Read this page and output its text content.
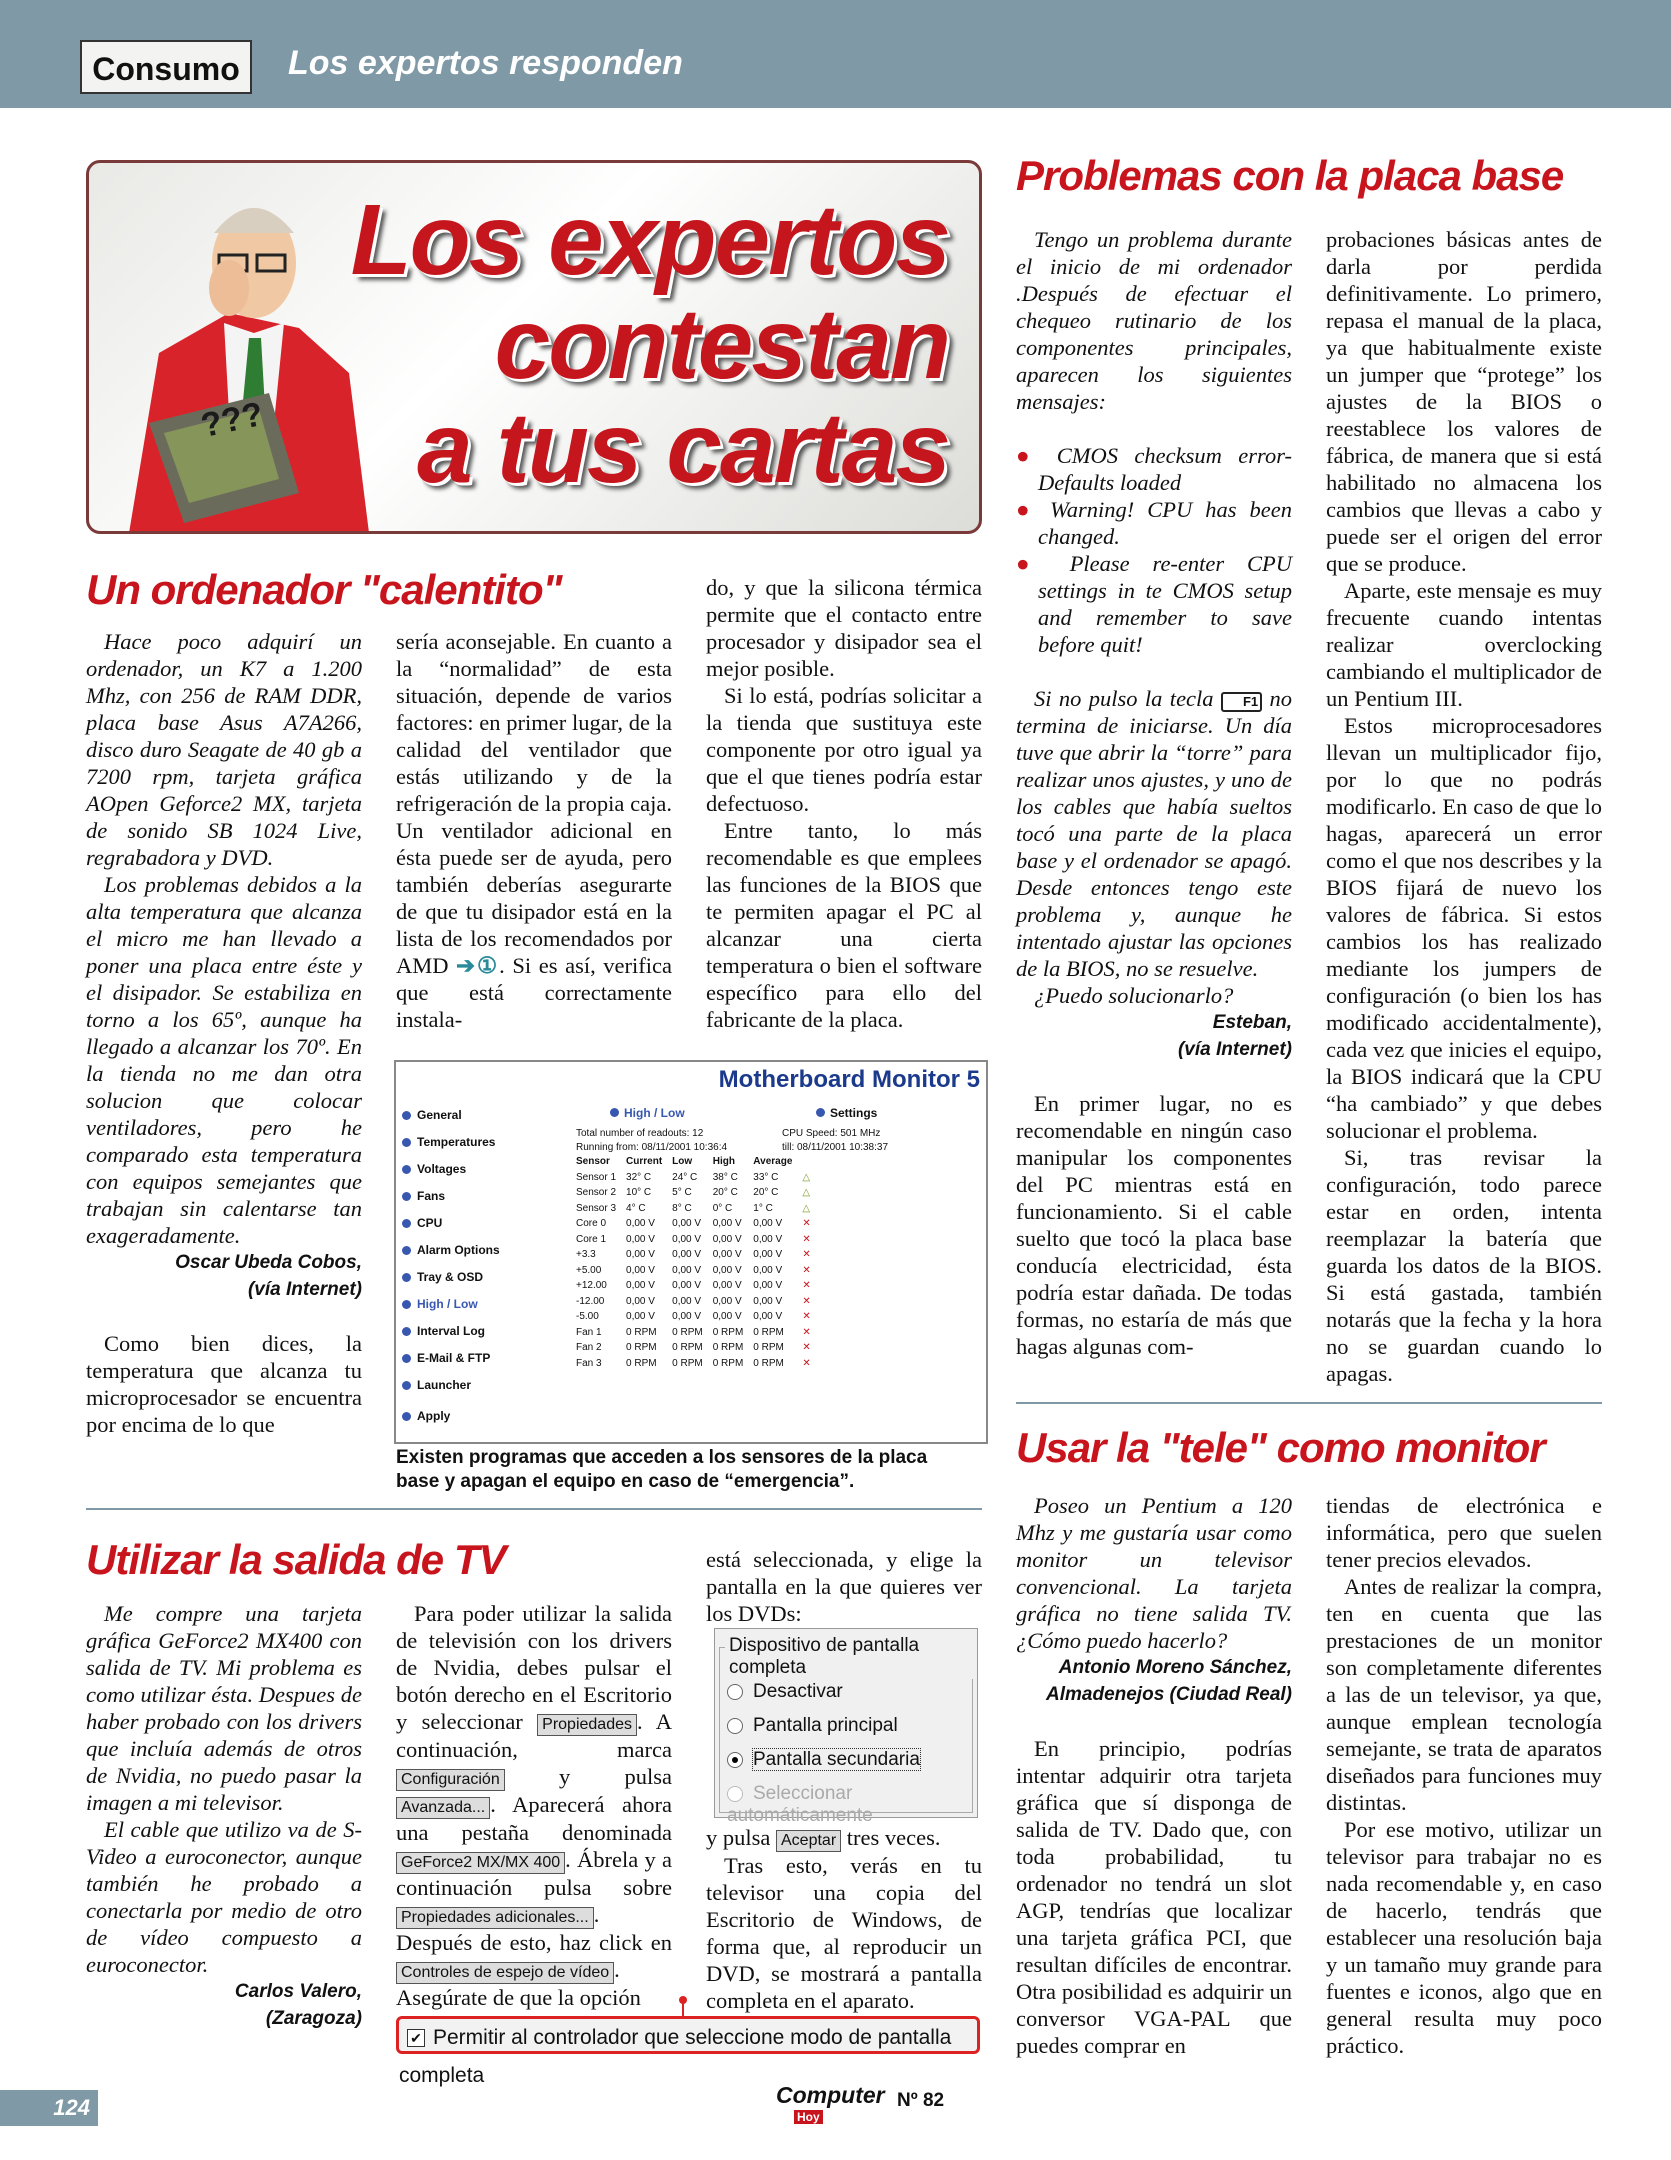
Consumo	Los expertos responden
Los expertos
contestan
a tus cartas
???
Un ordenador "calentito"

Hace poco adquirí un ordenador, un K7 a 1.200 Mhz, con 256 de RAM DDR, placa base Asus A7A266, disco duro Seagate de 40 gb a 7200 rpm, tarjeta gráfica AOpen Geforce2 MX, tarjeta de sonido SB 1024 Live, regrabadora y DVD.

Los problemas debidos a la alta temperatura que alcanza el micro me han llevado a poner una placa entre éste y el disipador. Se estabiliza en torno a los 65º, aunque ha llegado a alcanzar los 70º. En la tienda no me dan otra solucion que colocar ventiladores, pero he comparado esta temperatura con equipos semejantes que trabajan sin calentarse tan exageradamente.

Oscar Ubeda Cobos,
(vía Internet)

Como bien dices, la temperatura que alcanza tu microprocesador se encuentra por encima de lo que

sería aconsejable. En cuanto a la “normalidad” de esta situación, depende de varios factores: en primer lugar, de la calidad del ventilador que estás utilizando y de la refrigeración de la propia caja. Un ventilador adicional en ésta puede ser de ayuda, pero también deberías asegurarte de que tu disipador está en la lista de los recomendados por AMD ➔①. Si es así, verifica que está correctamente instala-

do, y que la silicona térmica permite que el contacto entre procesador y disipador sea el mejor posible.

Si lo está, podrías solicitar a la tienda que sustituya este componente por otro igual ya que el que tienes podría estar defectuoso.

Entre tanto, lo más recomendable es que emplees las funciones de la BIOS que te permiten apagar el PC al alcanzar una cierta temperatura o bien el software específico para ello del fabricante de la placa.

Motherboard Monitor 5
General
Temperatures
Voltages
Fans
CPU
Alarm Options
Tray & OSD
High / Low
Interval Log
E-Mail & FTP
Launcher
Apply
High / Low	Settings
Total number of readouts: 12	CPU Speed: 501 MHz
Running from: 08/11/2001 10:36:4	till: 08/11/2001 10:38:37
Sensor	Current	Low	High	Average	
Sensor 1	32° C	24° C	38° C	33° C	△
Sensor 2	10° C	5° C	20° C	20° C	△
Sensor 3	4° C	8° C	0° C	1° C	△
Core 0	0,00 V	0,00 V	0,00 V	0,00 V	✕
Core 1	0,00 V	0,00 V	0,00 V	0,00 V	✕
+3.3	0,00 V	0,00 V	0,00 V	0,00 V	✕
+5.00	0,00 V	0,00 V	0,00 V	0,00 V	✕
+12.00	0,00 V	0,00 V	0,00 V	0,00 V	✕
-12.00	0,00 V	0,00 V	0,00 V	0,00 V	✕
-5.00	0,00 V	0,00 V	0,00 V	0,00 V	✕
Fan 1	0 RPM	0 RPM	0 RPM	0 RPM	✕
Fan 2	0 RPM	0 RPM	0 RPM	0 RPM	✕
Fan 3	0 RPM	0 RPM	0 RPM	0 RPM	✕
Existen programas que acceden a los sensores de la placa base y apagan el equipo en caso de “emergencia”.
Utilizar la salida de TV

Me compre una tarjeta gráfica GeForce2 MX400 con salida de TV. Mi problema es como utilizar ésta. Despues de haber probado con los drivers que incluía además de otros de Nvidia, no puedo pasar la imagen a mi televisor.

El cable que utilizo va de S-Video a euroconector, aunque también he probado a conectarla por medio de otro de vídeo compuesto a euroconector.

Carlos Valero,
(Zaragoza)

Para poder utilizar la salida de televisión con los drivers de Nvidia, debes pulsar el botón derecho en el Escritorio y seleccionar Propiedades . A continuación, marca Configuración	y pulsa Avanzada... . Aparecerá ahora una pestaña denominada GeForce2 MX/MX 400 . Ábrela y a continuación pulsa sobre Propiedades adicionales... . Después de esto, haz click en Controles de espejo de vídeo . Asegúrate de que la opción

está seleccionada, y elige la pantalla en la que quieres ver los DVDs:

Dispositivo de pantalla completa
Desactivar
Pantalla principal
Pantalla secundaria
Seleccionar automáticamente

y pulsa Aceptar tres veces.

Tras esto, verás en tu televisor una copia del Escritorio de Windows, de forma que, al reproducir un DVD, se mostrará a pantalla completa en el aparato.

✔ Permitir al controlador que seleccione modo de pantalla completa
Problemas con la placa base

Tengo un problema durante el inicio de mi ordenador .Después de efectuar el chequeo rutinario de los componentes principales, aparecen los siguientes mensajes:

● CMOS checksum error-Defaults loaded
● Warning! CPU has been changed.
● Please re-enter CPU settings in te CMOS setup and remember to save before quit!

Si no pulso la tecla F1 no termina de iniciarse. Un día tuve que abrir la “torre” para realizar unos ajustes, y uno de los cables que había sueltos tocó una parte de la placa base y el ordenador se apagó. Desde entonces tengo este problema y, aunque he intentado ajustar las opciones de la BIOS, no se resuelve.

¿Puedo solucionarlo?

Esteban,
(vía Internet)

En primer lugar, no es recomendable en ningún caso manipular los componentes del PC mientras está en funcionamiento. Si el cable suelto que tocó la placa base conducía electricidad, ésta podría estar dañada. De todas formas, no estaría de más que hagas algunas com-

probaciones básicas antes de darla por perdida definitivamente. Lo primero, repasa el manual de la placa, ya que habitualmente existe un jumper que “protege” los ajustes de la BIOS o reestablece los valores de fábrica, de manera que si está habilitado no almacena los cambios que llevas a cabo y puede ser el origen del error que se produce.

Aparte, este mensaje es muy frecuente cuando intentas realizar overclocking cambiando el multiplicador de un Pentium III.

Estos microprocesadores llevan un multiplicador fijo, por lo que no podrás modificarlo. En caso de que lo hagas, aparecerá un error como el que nos describes y la BIOS fijará de nuevo los valores de fábrica. Si estos cambios los has realizado mediante los jumpers de configuración (o bien los has modificado accidentalmente), cada vez que inicies el equipo, la BIOS indicará que la CPU “ha cambiado” y que debes solucionar el problema.

Si, tras revisar la configuración, todo parece estar en orden, intenta reemplazar la batería que guarda los datos de la BIOS. Si está gastada, también notarás que la fecha y la hora no se guardan cuando lo apagas.

Usar la "tele" como monitor

Poseo un Pentium a 120 Mhz y me gustaría usar como monitor un televisor convencional. La tarjeta gráfica no tiene salida TV. ¿Cómo puedo hacerlo?

Antonio Moreno Sánchez,
Almadenejos (Ciudad Real)

En principio, podrías intentar adquirir otra tarjeta gráfica que sí disponga de salida de TV. Dado que, con toda probabilidad, tu ordenador no tendrá un slot AGP, tendrías que localizar una tarjeta gráfica PCI, que resultan difíciles de encontrar. Otra posibilidad es adquirir un conversor VGA-PAL que puedes comprar en

tiendas de electrónica e informática, pero que suelen tener precios elevados.

Antes de realizar la compra, ten en cuenta que las prestaciones de un monitor son completamente diferentes a las de un televisor, ya que, aunque emplean tecnología semejante, se trata de aparatos diseñados para funciones muy distintas.

Por ese motivo, utilizar un televisor para trabajar no es nada recomendable y, en caso de hacerlo, tendrás que establecer una resolución baja y un tamaño muy grande para fuentes e iconos, algo que en general resulta muy poco práctico.

124	Computer
Hoy
Nº 82
